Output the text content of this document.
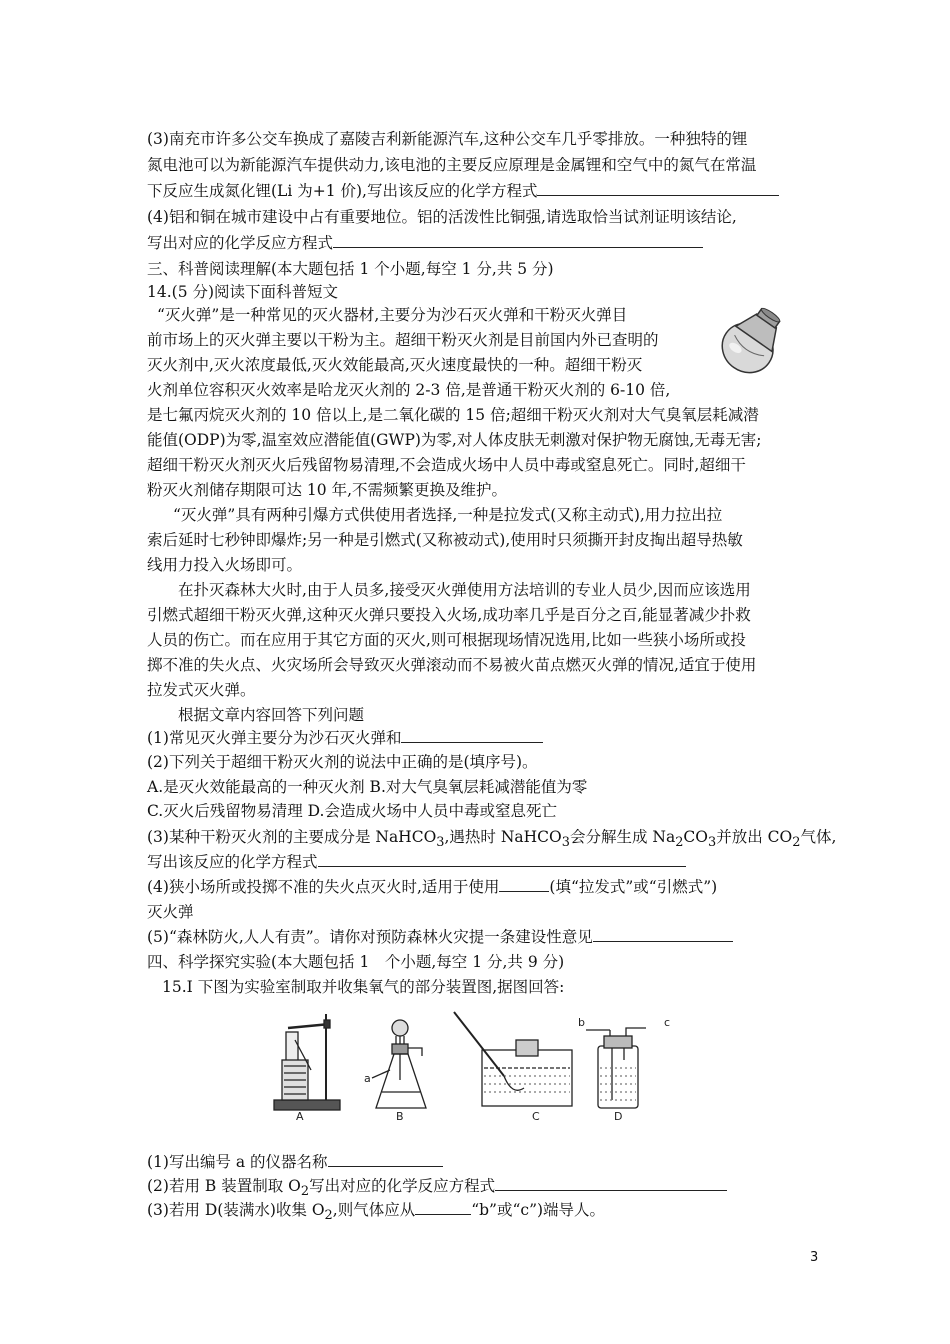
(3)南充市许多公交车换成了嘉陵吉利新能源汽车,这种公交车几乎零排放。一种独特的锂
氮电池可以为新能源汽车提供动力,该电池的主要反应原理是金属锂和空气中的氮气在常温
下反应生成氮化锂(Li 为+1 价),写出该反应的化学方程式
(4)铝和铜在城市建设中占有重要地位。铝的活泼性比铜强,请选取恰当试剂证明该结论,
写出对应的化学反应方程式
三、科普阅读理解(本大题包括 1 个小题,每空 1 分,共 5 分)
14.(5 分)阅读下面科普短文
“灭火弹”是一种常见的灭火器材,主要分为沙石灭火弹和干粉灭火弹目
前市场上的灭火弹主要以干粉为主。超细干粉灭火剂是目前国内外已查明的
灭火剂中,灭火浓度最低,灭火效能最高,灭火速度最快的一种。超细干粉灭
火剂单位容积灭火效率是哈龙灭火剂的 2-3 倍,是普通干粉灭火剂的 6-10 倍,
是七氟丙烷灭火剂的 10 倍以上,是二氧化碳的 15 倍;超细干粉灭火剂对大气臭氧层耗减潜
能值(ODP)为零,温室效应潜能值(GWP)为零,对人体皮肤无刺激对保护物无腐蚀,无毒无害;
超细干粉灭火剂灭火后残留物易清理,不会造成火场中人员中毒或窒息死亡。同时,超细干
粉灭火剂储存期限可达 10 年,不需频繁更换及维护。
“灭火弹”具有两种引爆方式供使用者选择,一种是拉发式(又称主动式),用力拉出拉
索后延时七秒钟即爆炸;另一种是引燃式(又称被动式),使用时只须撕开封皮掏出超导热敏
线用力投入火场即可。
在扑灭森林大火时,由于人员多,接受灭火弹使用方法培训的专业人员少,因而应该选用
引燃式超细干粉灭火弹,这种灭火弹只要投入火场,成功率几乎是百分之百,能显著减少扑救
人员的伤亡。而在应用于其它方面的灭火,则可根据现场情况选用,比如一些狭小场所或投
掷不准的失火点、火灾场所会导致灭火弹滚动而不易被火苗点燃灭火弹的情况,适宜于使用
拉发式灭火弹。
根据文章内容回答下列问题
(1)常见灭火弹主要分为沙石灭火弹和
(2)下列关于超细干粉灭火剂的说法中正确的是(填序号)。
A.是灭火效能最高的一种灭火剂 B.对大气臭氧层耗减潜能值为零
C.灭火后残留物易清理 D.会造成火场中人员中毒或窒息死亡
(3)某种干粉灭火剂的主要成分是 NaHCO$_3$,遇热时 NaHCO$_3$会分解生成 $Na_2CO_3$并放出 $CO_2$气体,
写出该反应的化学方程式
(4)狭小场所或投掷不准的失火点灭火时,适用于使用	(填“拉发式”或“引燃式”)
灭火弹
(5)“森林防火,人人有责”。请你对预防森林火灾提一条建设性意见
四、科学探究实验(本大题包括 1　个小题,每空 1 分,共 9 分)
15.I 下图为实验室制取并收集氧气的部分装置图,据图回答:
A
a
B	C
b	c
D
(1)写出编号 a 的仪器名称
(2)若用 B 装置制取 $O_2$写出对应的化学反应方程式
(3)若用 D(装满水)收集 $O_2$,则气体应从	“b”或“c”)端导人。
3
